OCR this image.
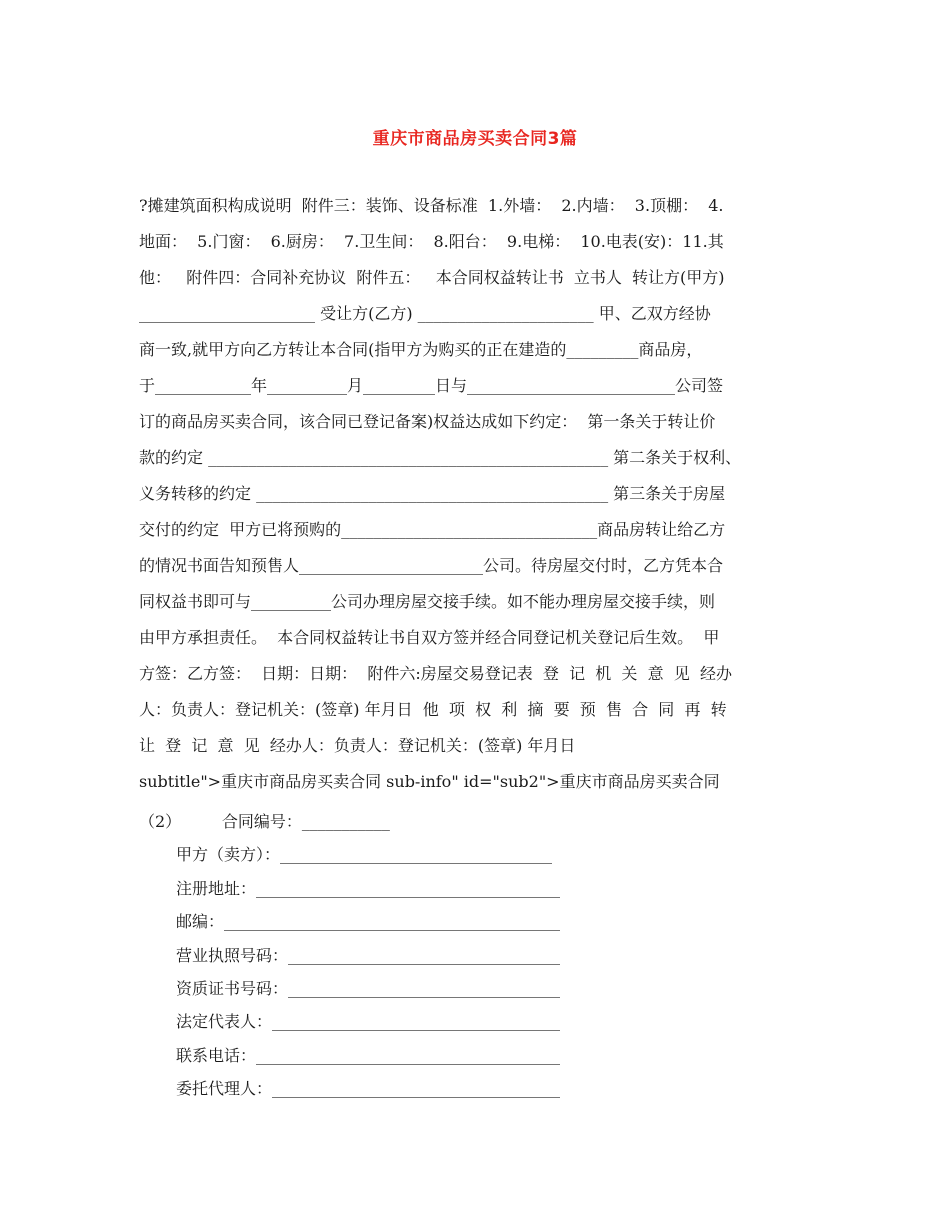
重庆市商品房买卖合同3篇
?摊建筑面积构成说明  附件三：装饰、设备标准  1.外墙：  2.内墙：  3.顶棚：  4.
地面：  5.门窗：  6.厨房：  7.卫生间：  8.阳台：  9.电梯：  10.电表(安)：11.其
他：   附件四：合同补充协议  附件五：   本合同权益转让书  立书人  转让方(甲方)
______________________ 受让方(乙方) ______________________ 甲、乙双方经协
商一致,就甲方向乙方转让本合同(指甲方为购买的正在建造的_________商品房，
于____________年__________月_________日与__________________________公司签
订的商品房买卖合同，该合同已登记备案)权益达成如下约定：  第一条关于转让价
款的约定 __________________________________________________ 第二条关于权利、
义务转移的约定 ____________________________________________ 第三条关于房屋
交付的约定  甲方已将预购的________________________________商品房转让给乙方
的情况书面告知预售人_______________________公司。待房屋交付时，乙方凭本合
同权益书即可与__________公司办理房屋交接手续。如不能办理房屋交接手续，则
由甲方承担责任。  本合同权益转让书自双方签并经合同登记机关登记后生效。  甲
方签：乙方签：  日期：日期：  附件六:房屋交易登记表  登  记  机  关  意  见  经办
人：负责人：登记机关：(签章) 年月日  他  项  权  利  摘  要  预  售  合  同  再  转
让  登  记  意  见  经办人：负责人：登记机关：(签章) 年月日
subtitle">重庆市商品房买卖合同 sub-info" id="sub2">重庆市商品房买卖合同
（2）        合同编号：___________
甲方（卖方）：__________________________________
注册地址：______________________________________
邮编：__________________________________________
营业执照号码：__________________________________
资质证书号码：__________________________________
法定代表人：____________________________________
联系电话：______________________________________
委托代理人：____________________________________
